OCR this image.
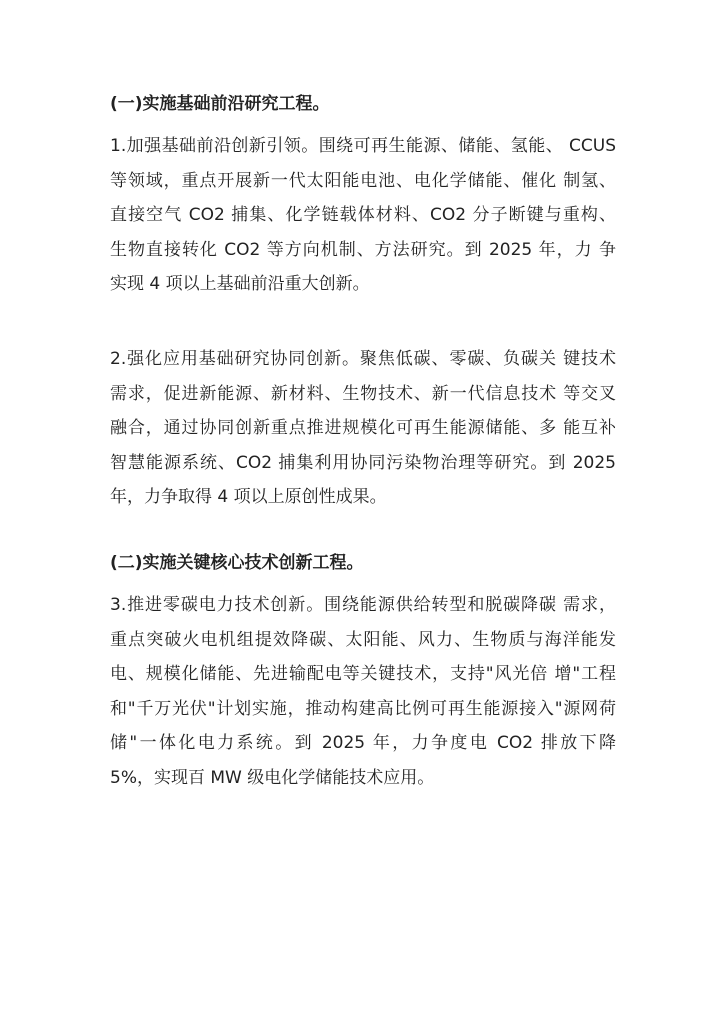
(一)实施基础前沿研究工程。
1.加强基础前沿创新引领。围绕可再生能源、储能、氢能、 CCUS
等领域，重点开展新一代太阳能电池、电化学储能、催化 制氢、
直接空气 CO2 捕集、化学链载体材料、CO2 分子断键与重构、
生物直接转化 CO2 等方向机制、方法研究。到 2025 年，力 争
实现 4 项以上基础前沿重大创新。
2.强化应用基础研究协同创新。聚焦低碳、零碳、负碳关 键技术
需求，促进新能源、新材料、生物技术、新一代信息技术 等交叉
融合，通过协同创新重点推进规模化可再生能源储能、多 能互补
智慧能源系统、CO2 捕集利用协同污染物治理等研究。到 2025
年，力争取得 4 项以上原创性成果。
(二)实施关键核心技术创新工程。
3.推进零碳电力技术创新。围绕能源供给转型和脱碳降碳 需求，
重点突破火电机组提效降碳、太阳能、风力、生物质与海洋能发
电、规模化储能、先进输配电等关键技术，支持"风光倍 增"工程
和"千万光伏"计划实施，推动构建高比例可再生能源接入"源网荷
储"一体化电力系统。到 2025 年，力争度电 CO2 排放下降
5%，实现百 MW 级电化学储能技术应用。
